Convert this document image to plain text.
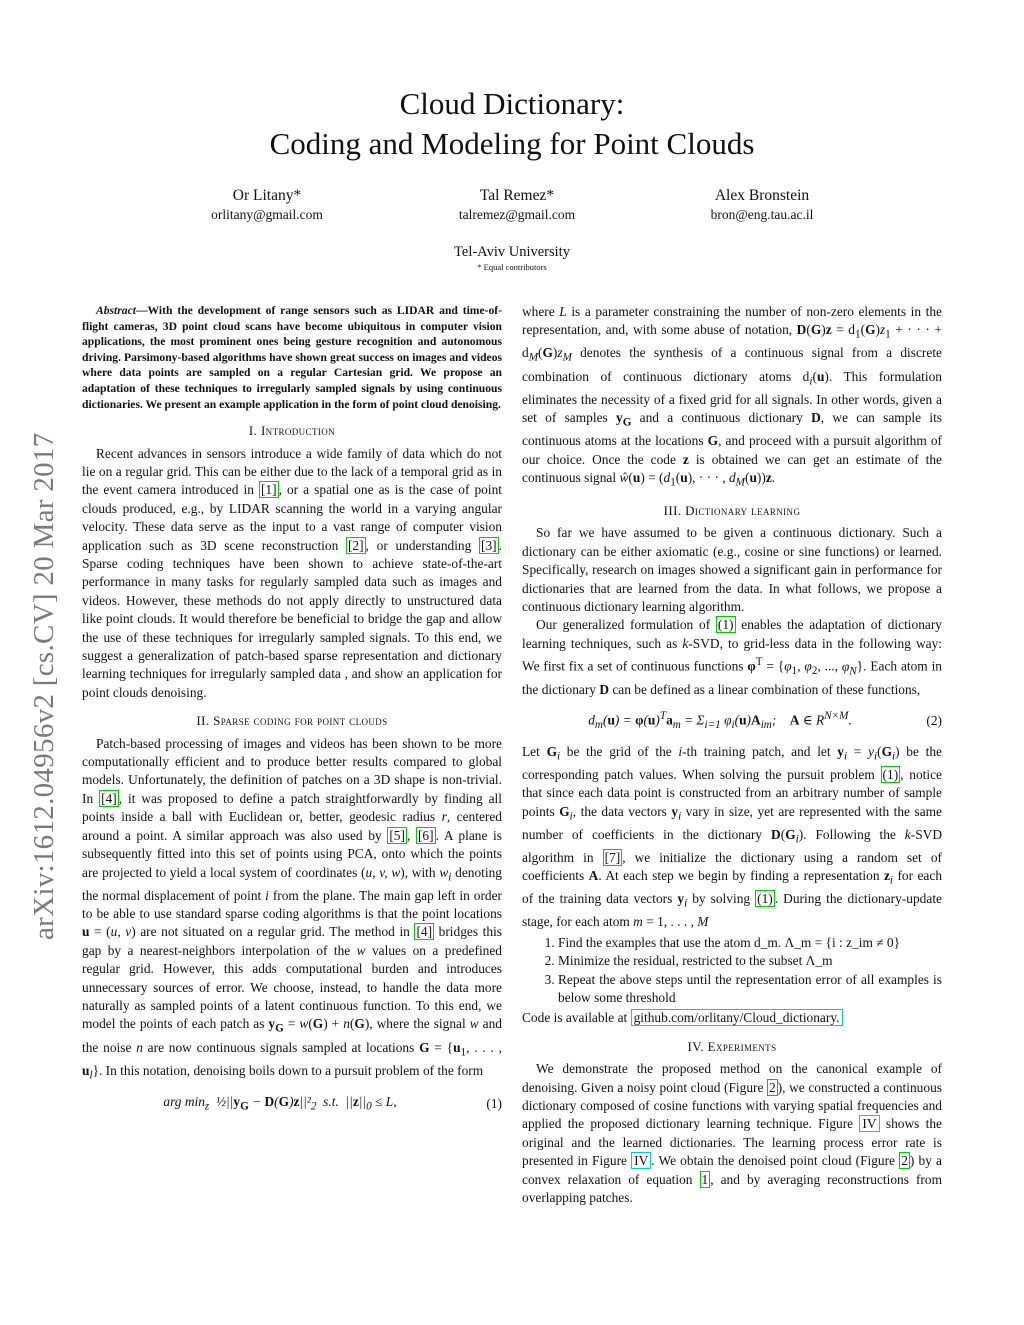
arXiv:1612.04956v2 [cs.CV] 20 Mar 2017
Cloud Dictionary:
Coding and Modeling for Point Clouds
Or Litany*
orlitany@gmail.com
Tal Remez*
talremez@gmail.com
Alex Bronstein
bron@eng.tau.ac.il
Tel-Aviv University
* Equal contributors

Abstract—With the development of range sensors such as LIDAR and time-of-flight cameras, 3D point cloud scans have become ubiquitous in computer vision applications, the most prominent ones being gesture recognition and autonomous driving. Parsimony-based algorithms have shown great success on images and videos where data points are sampled on a regular Cartesian grid. We propose an adaptation of these techniques to irregularly sampled signals by using continuous dictionaries. We present an example application in the form of point cloud denoising.

I. Introduction

Recent advances in sensors introduce a wide family of data which do not lie on a regular grid. This can be either due to the lack of a temporal grid as in the event camera introduced in [1] , or a spatial one as is the case of point clouds produced, e.g., by LIDAR scanning the world in a varying angular velocity. These data serve as the input to a vast range of computer vision application such as 3D scene reconstruction [2] , or understanding [3] . Sparse coding techniques have been shown to achieve state-of-the-art performance in many tasks for regularly sampled data such as images and videos. However, these methods do not apply directly to unstructured data like point clouds. It would therefore be beneficial to bridge the gap and allow the use of these techniques for irregularly sampled signals. To this end, we suggest a generalization of patch-based sparse representation and dictionary learning techniques for irregularly sampled data , and show an application for point clouds denoising.

II. Sparse coding for point clouds

Patch-based processing of images and videos has been shown to be more computationally efficient and to produce better results compared to global models. Unfortunately, the definition of patches on a 3D shape is non-trivial. In [4] , it was proposed to define a patch straightforwardly by finding all points inside a ball with Euclidean or, better, geodesic radius r, centered around a point. A similar approach was also used by [5] , [6] . A plane is subsequently fitted into this set of points using PCA, onto which the points are projected to yield a local system of coordinates (u, v, w), with $w_i$ denoting the normal displacement of point i from the plane. The main gap left in order to be able to use standard sparse coding algorithms is that the point locations u = (u, v) are not situated on a regular grid. The method in [4] bridges this gap by a nearest-neighbors interpolation of the w values on a predefined regular grid. However, this adds computational burden and introduces unnecessary sources of error. We choose, instead, to handle the data more naturally as sampled points of a latent continuous function. To this end, we model the points of each patch as $y_G = w(G) + n(G)$, where the signal w and the noise n are now continuous signals sampled at locations $G = \{u_1$, . . . , $u_l$}. In this notation, denoising boils down to a pursuit problem of the form

arg $\min_z$  $\frac{1}{2}||y_G - D(G)z||^2_2$  s.t.  $||z||_0 \le L$,	(1)

where L is a parameter constraining the number of non-zero elements in the representation, and, with some abuse of notation, $D(G)z = d_1(G)z_1$ + · · · + $d_M(G)z_M$ denotes the synthesis of a continuous signal from a discrete combination of continuous dictionary atoms $d_i(u)$. This formulation eliminates the necessity of a fixed grid for all signals. In other words, given a set of samples $y_G$ and a continuous dictionary D, we can sample its continuous atoms at the locations G, and proceed with a pursuit algorithm of our choice. Once the code z is obtained we can get an estimate of the continuous signal ŵ(u) = ($d_1(u)$, · · · , $d_M(u))z$.

III. Dictionary learning

So far we have assumed to be given a continuous dictionary. Such a dictionary can be either axiomatic (e.g., cosine or sine functions) or learned. Specifically, research on images showed a significant gain in performance for dictionaries that are learned from the data. In what follows, we propose a continuous dictionary learning algorithm.

Our generalized formulation of (1) enables the adaptation of dictionary learning techniques, such as k-SVD, to grid-less data in the following way: We first fix a set of continuous functions $\varphi^T = \{\varphi_1$, $\varphi_2$, ..., $\varphi_N$}. Each atom in the dictionary D can be defined as a linear combination of these functions,

$d_m(u) = \varphi(u)^Ta_m = \Sigma_{i=1}$ $\varphi_i(u)A_{im}$;    A ∈ $R^{N\times M}$.	(2)

Let $G_i$ be the grid of the i-th training patch, and let $y_i = y_i(G_i)$ be the corresponding patch values. When solving the pursuit problem (1) , notice that since each data point is constructed from an arbitrary number of sample points $G_i$, the data vectors $y_i$ vary in size, yet are represented with the same number of coefficients in the dictionary $D(G_i)$. Following the k-SVD algorithm in [7] , we initialize the dictionary using a random set of coefficients A. At each step we begin by finding a representation $z_i$ for each of the training data vectors $y_i$ by solving (1) . During the dictionary-update stage, for each atom m = 1, . . . , M

1. Find the examples that use the atom d_m. Λ_m = {i : z_im ≠ 0}
2. Minimize the residual, restricted to the subset Λ_m
3. Repeat the above steps until the representation error of all examples is below some threshold

Code is available at github.com/orlitany/Cloud_dictionary.

IV. Experiments

We demonstrate the proposed method on the canonical example of denoising. Given a noisy point cloud (Figure 2 ), we constructed a continuous dictionary composed of cosine functions with varying spatial frequencies and applied the proposed dictionary learning technique. Figure IV shows the original and the learned dictionaries. The learning process error rate is presented in Figure IV . We obtain the denoised point cloud (Figure 2 ) by a convex relaxation of equation 1 , and by averaging reconstructions from overlapping patches.
